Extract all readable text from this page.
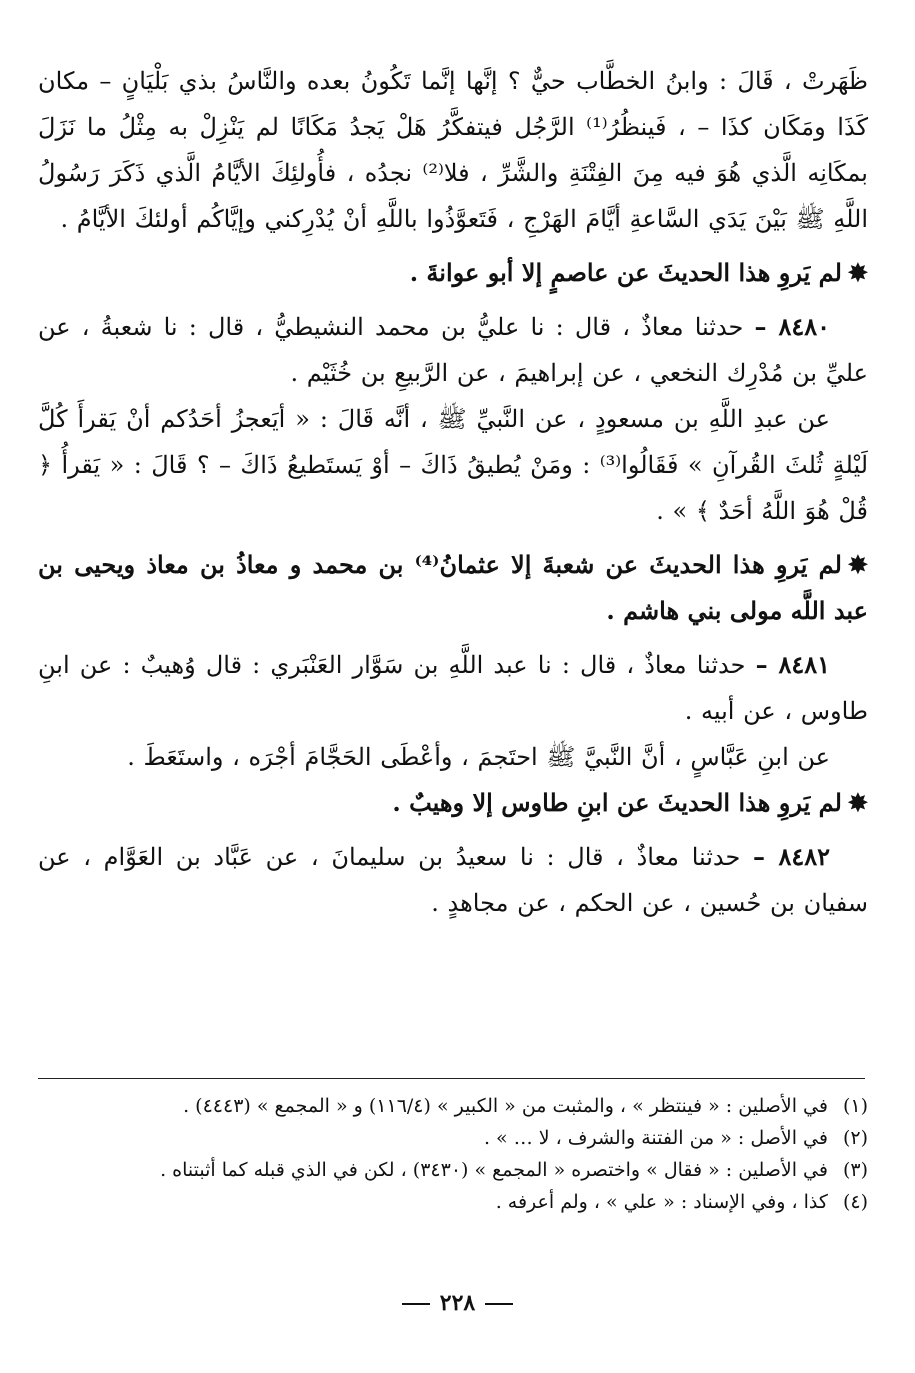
ظَهَرتْ ، قَالَ : وابنُ الخطَّاب حيٌّ ؟ إنَّها إنَّما تَكُونُ بعده والنَّاسُ بذي بَلْيَانٍ – مكان كَذَا ومَكَان كذَا – ، فَينظُرُ⁽¹⁾ الرَّجُل فيتفكَّرُ هَلْ يَجدُ مَكَانًا لم يَنْزِلْ به مِثْلُ ما نَزَلَ بمكَانِه الَّذي هُوَ فيه مِنَ الفِتْنَةِ والشَّرِّ ، فلا⁽²⁾ نجدُه ، فأُولئِكَ الأيَّامُ الَّذي ذَكَرَ رَسُولُ اللَّهِ ﷺ بَيْنَ يَدَي السَّاعةِ أيَّامَ الهَرْجِ ، فَتَعوَّذُوا باللَّهِ أنْ يُدْرِكني وإيَّاكُم أولئكَ الأيَّامُ .

✸لم يَروِ هذا الحديثَ عن عاصمٍ إلا أبو عوانةَ .

٨٤٨٠ – حدثنا معاذٌ ، قال : نا عليُّ بن محمد النشيطيُّ ، قال : نا شعبةُ ، عن عليِّ بن مُدْرِك النخعي ، عن إبراهيمَ ، عن الرَّبيعِ بن خُثَيْم .

عن عبدِ اللَّهِ بن مسعودٍ ، عن النَّبيِّ ﷺ ، أنَّه قَالَ : « أيَعجزُ أحَدُكم أنْ يَقرأَ كُلَّ لَيْلةٍ ثُلثَ القُرآنِ » فَقَالُوا⁽³⁾ : ومَنْ يُطيقُ ذَاكَ – أوْ يَستَطيعُ ذَاكَ – ؟ قَالَ : « يَقرأُ ﴿ قُلْ هُوَ اللَّهُ أحَدٌ ﴾ » .

✸لم يَروِ هذا الحديثَ عن شعبةَ إلا عثمانُ⁽⁴⁾ بن محمد و معاذُ بن معاذ ويحيى بن عبد اللَّه مولى بني هاشم .

٨٤٨١ – حدثنا معاذٌ ، قال : نا عبد اللَّهِ بن سَوَّار العَنْبَري : قال وُهيبٌ : عن ابنِ طاوس ، عن أبيه .

عن ابنِ عَبَّاسٍ ، أنَّ النَّبيَّ ﷺ احتَجمَ ، وأعْطَى الحَجَّامَ أجْرَه ، واستَعَطَ .

✸لم يَروِ هذا الحديثَ عن ابنِ طاوس إلا وهيبٌ .

٨٤٨٢ – حدثنا معاذٌ ، قال : نا سعيدُ بن سليمانَ ، عن عَبَّاد بن العَوَّام ، عن سفيان بن حُسين ، عن الحكم ، عن مجاهدٍ .

(١) في الأصلين : « فينتظر » ، والمثبت من « الكبير » (١١٦/٤) و « المجمع » (٤٤٤٣) .

(٢) في الأصل : « من الفتنة والشرف ، لا … » .

(٣) في الأصلين : « فقال » واختصره « المجمع » (٣٤٣٠) ، لكن في الذي قبله كما أثبتناه .

(٤) كذا ، وفي الإسناد : « علي » ، ولم أعرفه .

٢٢٨
